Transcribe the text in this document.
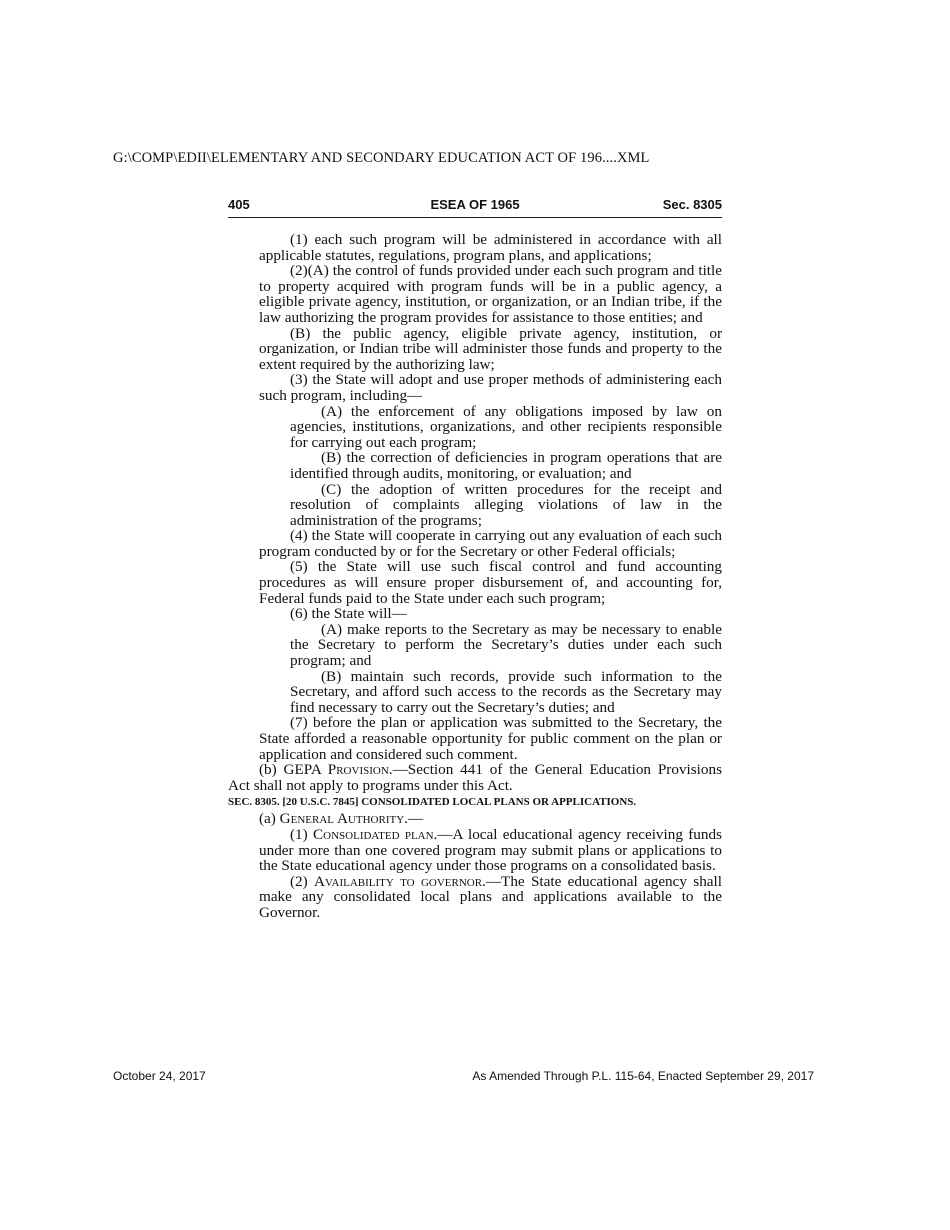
G:\COMP\EDII\ELEMENTARY AND SECONDARY EDUCATION ACT OF 196....XML
405	ESEA OF 1965	Sec. 8305

(1) each such program will be administered in accordance with all applicable statutes, regulations, program plans, and applications;

(2)(A) the control of funds provided under each such program and title to property acquired with program funds will be in a public agency, a eligible private agency, institution, or organization, or an Indian tribe, if the law authorizing the program provides for assistance to those entities; and

(B) the public agency, eligible private agency, institution, or organization, or Indian tribe will administer those funds and property to the extent required by the authorizing law;

(3) the State will adopt and use proper methods of administering each such program, including—

(A) the enforcement of any obligations imposed by law on agencies, institutions, organizations, and other recipients responsible for carrying out each program;

(B) the correction of deficiencies in program operations that are identified through audits, monitoring, or evaluation; and

(C) the adoption of written procedures for the receipt and resolution of complaints alleging violations of law in the administration of the programs;

(4) the State will cooperate in carrying out any evaluation of each such program conducted by or for the Secretary or other Federal officials;

(5) the State will use such fiscal control and fund accounting procedures as will ensure proper disbursement of, and accounting for, Federal funds paid to the State under each such program;

(6) the State will—

(A) make reports to the Secretary as may be necessary to enable the Secretary to perform the Secretary’s duties under each such program; and

(B) maintain such records, provide such information to the Secretary, and afford such access to the records as the Secretary may find necessary to carry out the Secretary’s duties; and

(7) before the plan or application was submitted to the Secretary, the State afforded a reasonable opportunity for public comment on the plan or application and considered such comment.

(b) GEPA Provision.—Section 441 of the General Education Provisions Act shall not apply to programs under this Act.

SEC. 8305. [20 U.S.C. 7845] CONSOLIDATED LOCAL PLANS OR APPLICATIONS.

(a) General Authority.—

(1) Consolidated plan.—A local educational agency receiving funds under more than one covered program may submit plans or applications to the State educational agency under those programs on a consolidated basis.

(2) Availability to governor.—The State educational agency shall make any consolidated local plans and applications available to the Governor.

October 24, 2017	As Amended Through P.L. 115-64, Enacted September 29, 2017
